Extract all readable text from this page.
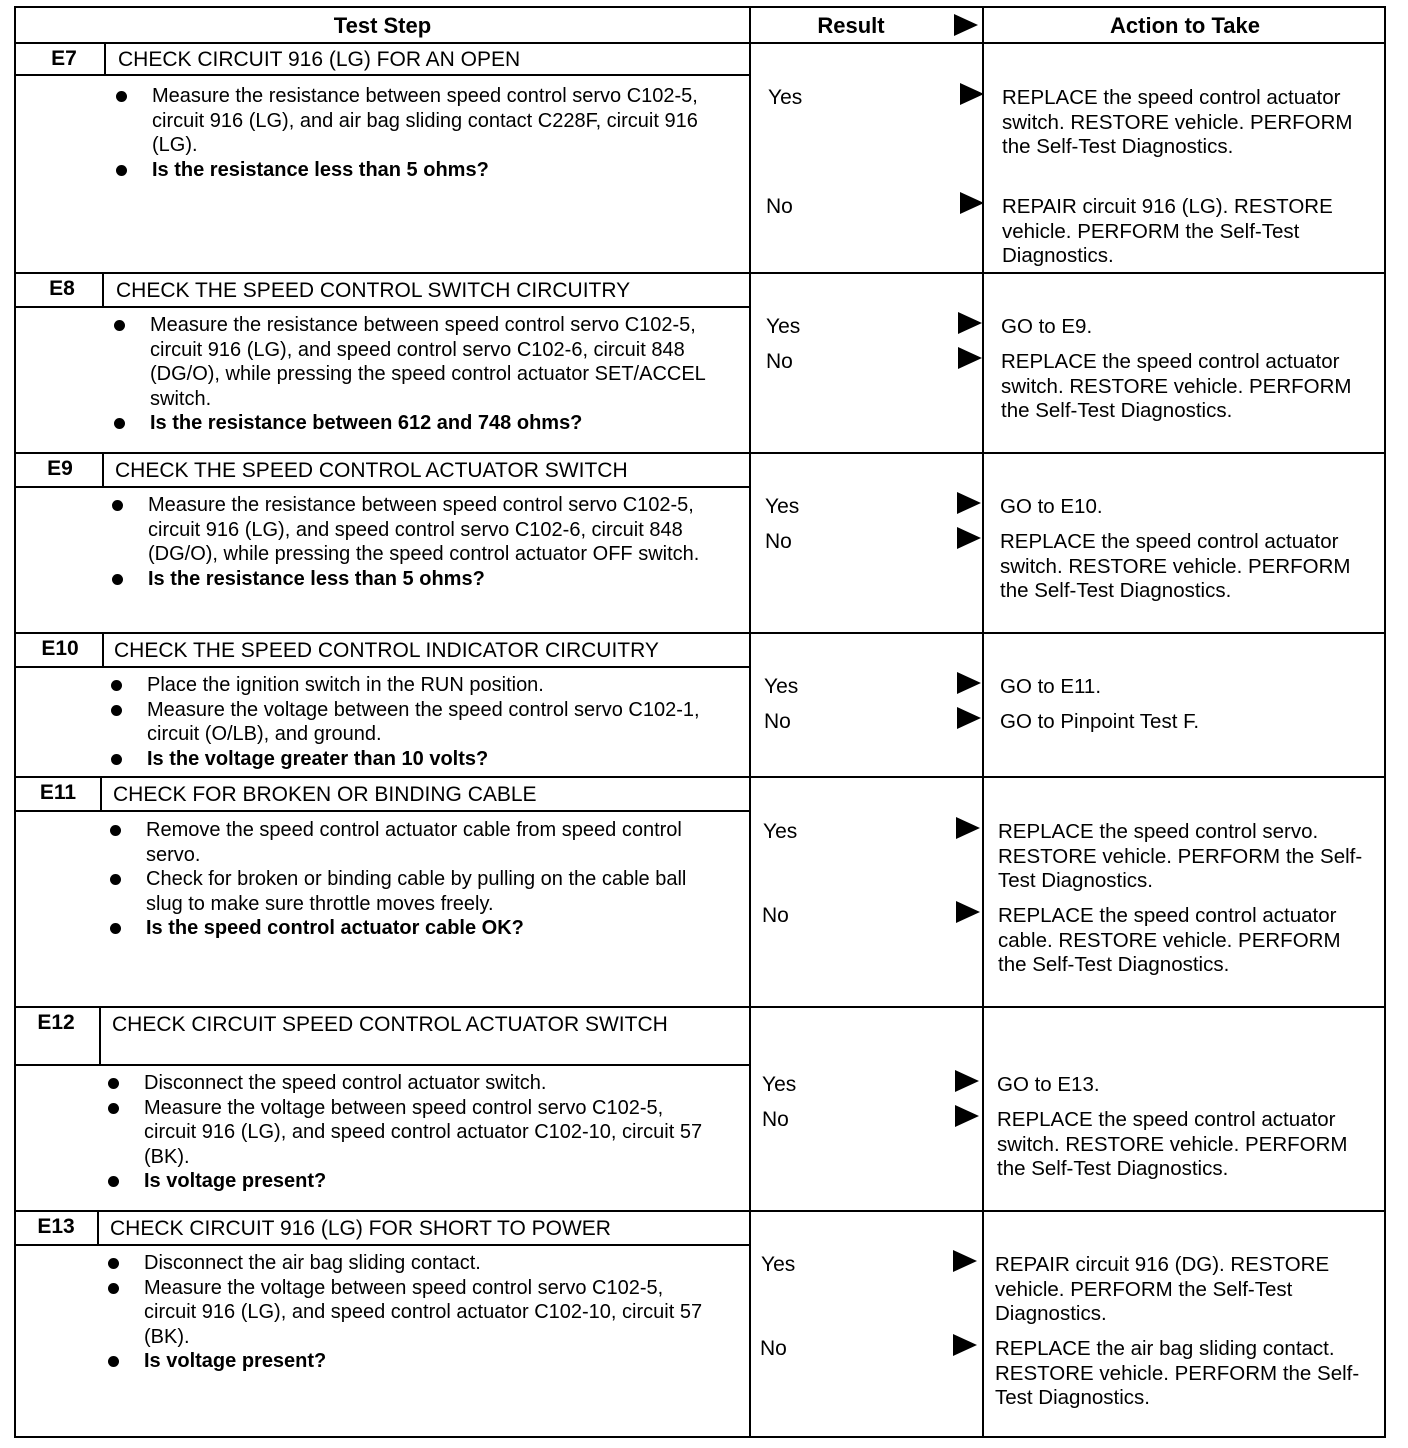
Test Step	Result	Action to Take
E7	CHECK CIRCUIT 916 (LG) FOR AN OPEN
Measure the resistance between speed control servo C102-5, circuit 916 (LG), and air bag sliding contact C228F, circuit 916 (LG).
Is the resistance less than 5 ohms?
Yes	REPLACE the speed control actuator switch. RESTORE vehicle. PERFORM the Self-Test Diagnostics.
No	REPAIR circuit 916 (LG). RESTORE vehicle. PERFORM the Self-Test Diagnostics.
E8	CHECK THE SPEED CONTROL SWITCH CIRCUITRY
Measure the resistance between speed control servo C102-5, circuit 916 (LG), and speed control servo C102-6, circuit 848 (DG/O), while pressing the speed control actuator SET/ACCEL switch.
Is the resistance between 612 and 748 ohms?
Yes	GO to E9.
No	REPLACE the speed control actuator switch. RESTORE vehicle. PERFORM the Self-Test Diagnostics.
E9	CHECK THE SPEED CONTROL ACTUATOR SWITCH
Measure the resistance between speed control servo C102-5, circuit 916 (LG), and speed control servo C102-6, circuit 848 (DG/O), while pressing the speed control actuator OFF switch.
Is the resistance less than 5 ohms?
Yes	GO to E10.
No	REPLACE the speed control actuator switch. RESTORE vehicle. PERFORM the Self-Test Diagnostics.
E10	CHECK THE SPEED CONTROL INDICATOR CIRCUITRY
Place the ignition switch in the RUN position.
Measure the voltage between the speed control servo C102-1, circuit (O/LB), and ground.
Is the voltage greater than 10 volts?
Yes	GO to E11.
No	GO to Pinpoint Test F.
E11	CHECK FOR BROKEN OR BINDING CABLE
Remove the speed control actuator cable from speed control servo.
Check for broken or binding cable by pulling on the cable ball slug to make sure throttle moves freely.
Is the speed control actuator cable OK?
Yes	REPLACE the speed control servo. RESTORE vehicle. PERFORM the Self-Test Diagnostics.
No	REPLACE the speed control actuator cable. RESTORE vehicle. PERFORM the Self-Test Diagnostics.
E12	CHECK CIRCUIT SPEED CONTROL ACTUATOR SWITCH
Disconnect the speed control actuator switch.
Measure the voltage between speed control servo C102-5, circuit 916 (LG), and speed control actuator C102-10, circuit 57 (BK).
Is voltage present?
Yes	GO to E13.
No	REPLACE the speed control actuator switch. RESTORE vehicle. PERFORM the Self-Test Diagnostics.
E13	CHECK CIRCUIT 916 (LG) FOR SHORT TO POWER
Disconnect the air bag sliding contact.
Measure the voltage between speed control servo C102-5, circuit 916 (LG), and speed control actuator C102-10, circuit 57 (BK).
Is voltage present?
Yes	REPAIR circuit 916 (DG). RESTORE vehicle. PERFORM the Self-Test Diagnostics.
No	REPLACE the air bag sliding contact. RESTORE vehicle. PERFORM the Self-Test Diagnostics.
